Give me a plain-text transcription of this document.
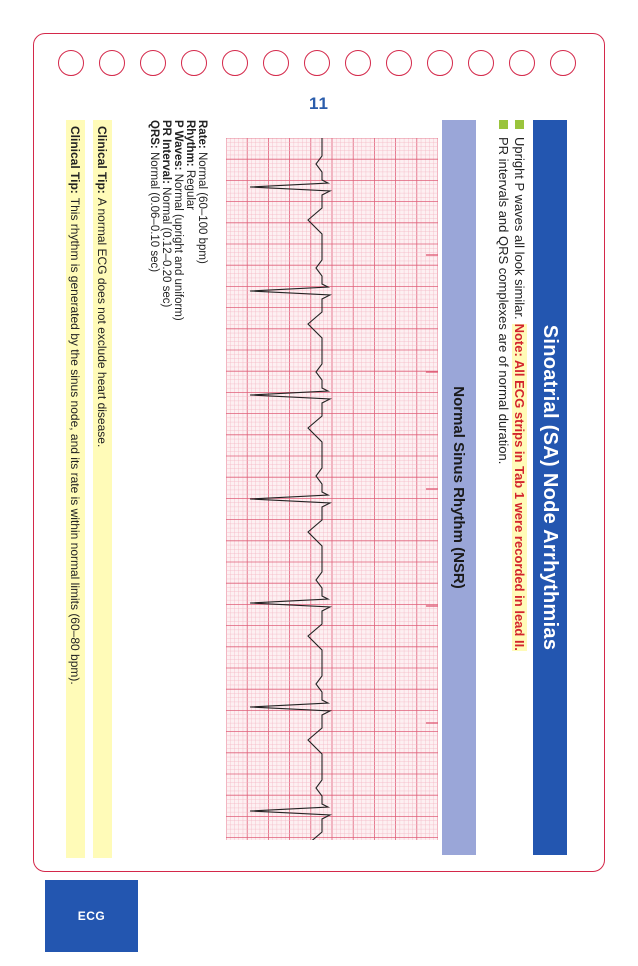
11
Sinoatrial (SA) Node Arrhythmias
Upright P waves all look similar.
Note: All ECG strips in Tab 1 were recorded in lead II.
PR intervals and QRS complexes are of normal duration.
Normal Sinus Rhythm (NSR)
Rate: Normal (60–100 bpm)
Rhythm: Regular
P Waves: Normal (upright and uniform)
PR Interval: Normal (0.12–0.20 sec)
QRS: Normal (0.06–0.10 sec)
Clinical Tip:
A normal ECG does not exclude heart disease.
Clinical Tip:
This rhythm is generated by the sinus node, and its rate is within normal limits (60–80 bpm).
ECG
